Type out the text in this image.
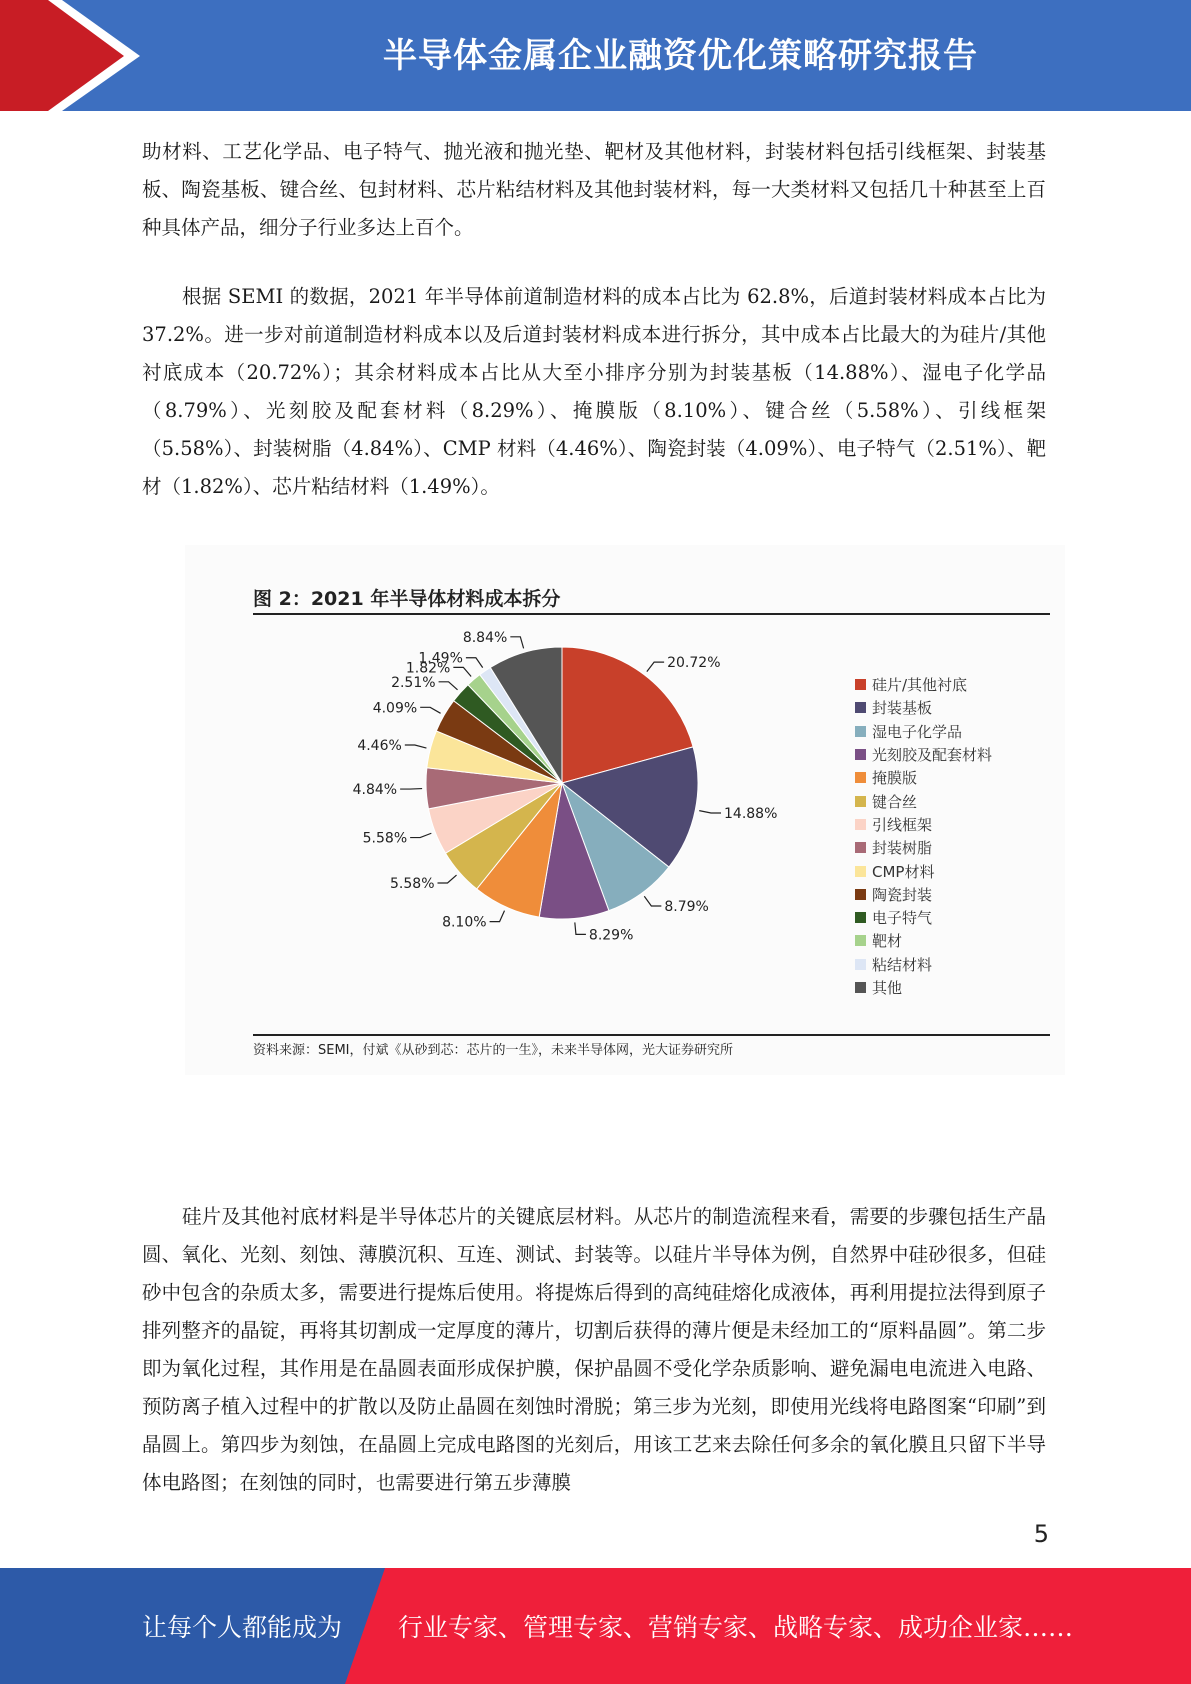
半导体金属企业融资优化策略研究报告

助材料、工艺化学品、电子特气、抛光液和抛光垫、靶材及其他材料，封装材料包括引线框架、封装基板、陶瓷基板、键合丝、包封材料、芯片粘结材料及其他封装材料，每一大类材料又包括几十种甚至上百种具体产品，细分子行业多达上百个。

根据 SEMI 的数据，2021 年半导体前道制造材料的成本占比为 62.8%，后道封装材料成本占比为 37.2%。进一步对前道制造材料成本以及后道封装材料成本进行拆分，其中成本占比最大的为硅片/其他衬底成本（20.72%）；其余材料成本占比从大至小排序分别为封装基板（14.88%）、湿电子化学品（8.79%）、光刻胶及配套材料（8.29%）、掩膜版（8.10%）、键合丝（5.58%）、引线框架（5.58%）、封装树脂（4.84%）、CMP 材料（4.46%）、陶瓷封装（4.09%）、电子特气（2.51%）、靶材（1.82%）、芯片粘结材料（1.49%）。

图 2：2021 年半导体材料成本拆分
20.72%
14.88%
8.79%
8.29%
8.10%
5.58%
5.58%
4.84%
4.46%
4.09%
2.51%
1.82%
1.49%
8.84%
硅片/其他衬底
封装基板
湿电子化学品
光刻胶及配套材料
掩膜版
键合丝
引线框架
封装树脂
CMP材料
陶瓷封装
电子特气
靶材
粘结材料
其他
资料来源：SEMI，付斌《从砂到芯：芯片的一生》，未来半导体网，光大证券研究所

硅片及其他衬底材料是半导体芯片的关键底层材料。从芯片的制造流程来看，需要的步骤包括生产晶圆、氧化、光刻、刻蚀、薄膜沉积、互连、测试、封装等。以硅片半导体为例，自然界中硅砂很多，但硅砂中包含的杂质太多，需要进行提炼后使用。将提炼后得到的高纯硅熔化成液体，再利用提拉法得到原子排列整齐的晶锭，再将其切割成一定厚度的薄片，切割后获得的薄片便是未经加工的“原料晶圆”。第二步即为氧化过程，其作用是在晶圆表面形成保护膜，保护晶圆不受化学杂质影响、避免漏电电流进入电路、预防离子植入过程中的扩散以及防止晶圆在刻蚀时滑脱；第三步为光刻，即使用光线将电路图案“印刷”到晶圆上。第四步为刻蚀，在晶圆上完成电路图的光刻后，用该工艺来去除任何多余的氧化膜且只留下半导体电路图；在刻蚀的同时，也需要进行第五步薄膜

5
让每个人都能成为 行业专家、管理专家、营销专家、战略专家、成功企业家……
